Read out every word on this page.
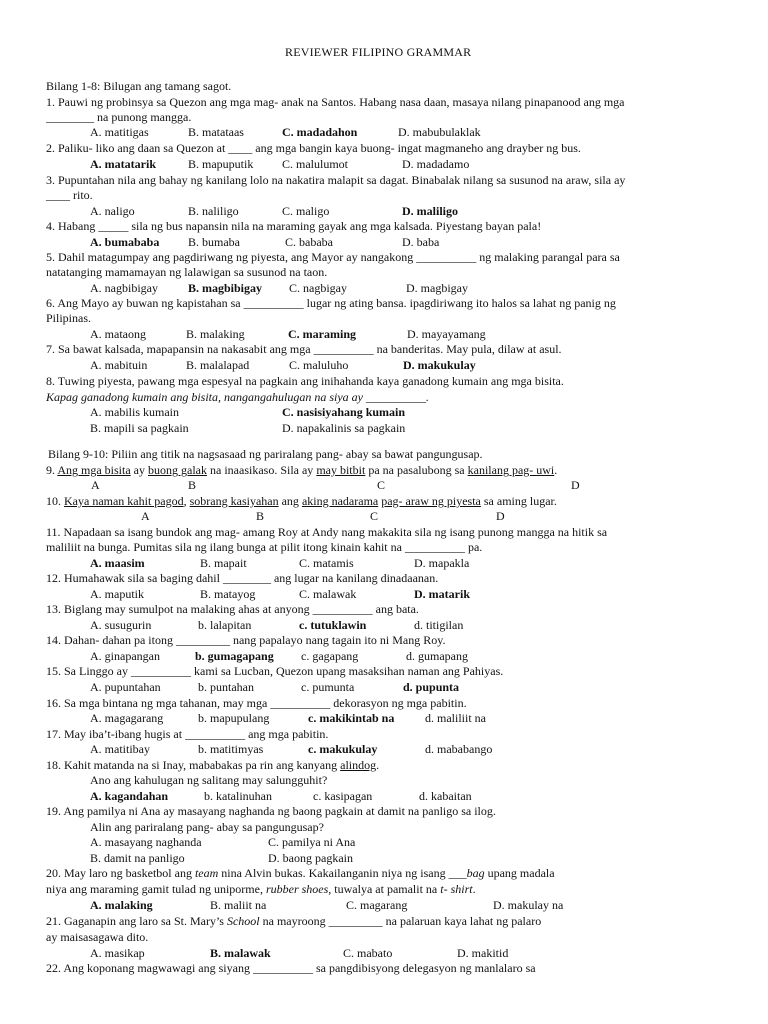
REVIEWER FILIPINO GRAMMAR
Bilang 1-8: Bilugan ang tamang sagot.
1. Pauwi ng probinsya sa Quezon ang mga mag- anak na Santos. Habang nasa daan, masaya nilang pinapanood ang mga
________ na punong mangga.
A. matitigas	B. matataas	C. madadahon	D. mabubulaklak
2. Paliku- liko ang daan sa Quezon at ____ ang mga bangin kaya buong- ingat magmaneho ang drayber ng bus.
A. matatarik	B. mapuputik C. malulumot	D. madadamo
3. Pupuntahan nila ang bahay ng kanilang lolo na nakatira malapit sa dagat. Binabalak nilang sa susunod na araw, sila ay
____ rito.
A. naligo	B. naliligo	C. maligo	D. maliligo
4. Habang _____ sila ng bus napansin nila na maraming gayak ang mga kalsada. Piyestang bayan pala!
A. bumababa B. bumaba	C. bababa	D. baba
5. Dahil matagumpay ang pagdiriwang ng piyesta, ang Mayor ay nangakong __________ ng malaking parangal para sa
natatanging mamamayan ng lalawigan sa susunod na taon.
A. nagbibigay	B. magbibigay C. nagbigay	D. magbigay
6. Ang Mayo ay buwan ng kapistahan sa __________ lugar ng ating bansa. ipagdiriwang ito halos sa lahat ng panig ng
Pilipinas.
A. mataong	B. malaking	C. maraming	D. mayayamang
7. Sa bawat kalsada, mapapansin na nakasabit ang mga __________ na banderitas. May pula, dilaw at asul.
A. mabituin	B. malalapad	C. maluluho	D. makukulay
8. Tuwing piyesta, pawang mga espesyal na pagkain ang inihahanda kaya ganadong kumain ang mga bisita.
Kapag ganadong kumain ang bisita, nangangahulugan na siya ay __________.
A. mabilis kumain	C. nasisiyahang kumain
B. mapili sa pagkain	D. napakalinis sa pagkain
Bilang 9-10: Piliin ang titik na nagsasaad ng pariralang pang- abay sa bawat pangungusap.
9. Ang mga bisita ay buong galak na inaasikaso. Sila ay may bitbit pa na pasalubong sa kanilang pag- uwi.
A	B	C	D
10. Kaya naman kahit pagod, sobrang kasiyahan ang aking nadarama pag- araw ng piyesta sa aming lugar.
A	B	C	D
11. Napadaan sa isang bundok ang mag- amang Roy at Andy nang makakita sila ng isang punong mangga na hitik sa
maliliit na bunga. Pumitas sila ng ilang bunga at pilit itong kinain kahit na __________ pa.
A. maasim	B. mapait	C. matamis	D. mapakla
12. Humahawak sila sa baging dahil ________ ang lugar na kanilang dinadaanan.
A. maputik	B. matayog	C. malawak	D. matarik
13. Biglang may sumulpot na malaking ahas at anyong __________ ang bata.
A. susugurin	b. lalapitan	c. tutuklawin	d. titigilan
14. Dahan- dahan pa itong _________ nang papalayo nang tagain ito ni Mang Roy.
A. ginapangan	b. gumagapang c. gagapang	d. gumapang
15. Sa Linggo ay __________ kami sa Lucban, Quezon upang masaksihan naman ang Pahiyas.
A. pupuntahan	b. puntahan	c. pumunta	d. pupunta
16. Sa mga bintana ng mga tahanan, may mga __________ dekorasyon ng mga pabitin.
A. magagarang	b. mapupulang	c. makikintab na	d. maliliit na
17. May iba’t-ibang hugis at __________ ang mga pabitin.
A. matitibay	b. matitimyas	c. makukulay	d. mababango
18. Kahit matanda na si Inay, mababakas pa rin ang kanyang alindog.
Ano ang kahulugan ng salitang may salungguhit?
A. kagandahan	b. katalinuhan	c. kasipagan	d. kabaitan
19. Ang pamilya ni Ana ay masayang naghanda ng baong pagkain at damit na panligo sa ilog.
Alin ang pariralang pang- abay sa pangungusap?
A. masayang naghanda	C. pamilya ni Ana
B. damit na panligo	D. baong pagkain
20. May laro ng basketbol ang team nina Alvin bukas. Kakailanganin niya ng isang ___bag upang madala
niya ang maraming gamit tulad ng uniporme, rubber shoes, tuwalya at pamalit na t- shirt.
A. malaking	B. maliit na	C. magarang	D. makulay na
21. Gaganapin ang laro sa St. Mary’s School na mayroong _________ na palaruan kaya lahat ng palaro
ay maisasagawa dito.
A. masikap	B. malawak	C. mabato	D. makitid
22. Ang koponang magwawagi ang siyang __________ sa pangdibisyong delegasyon ng manlalaro sa
